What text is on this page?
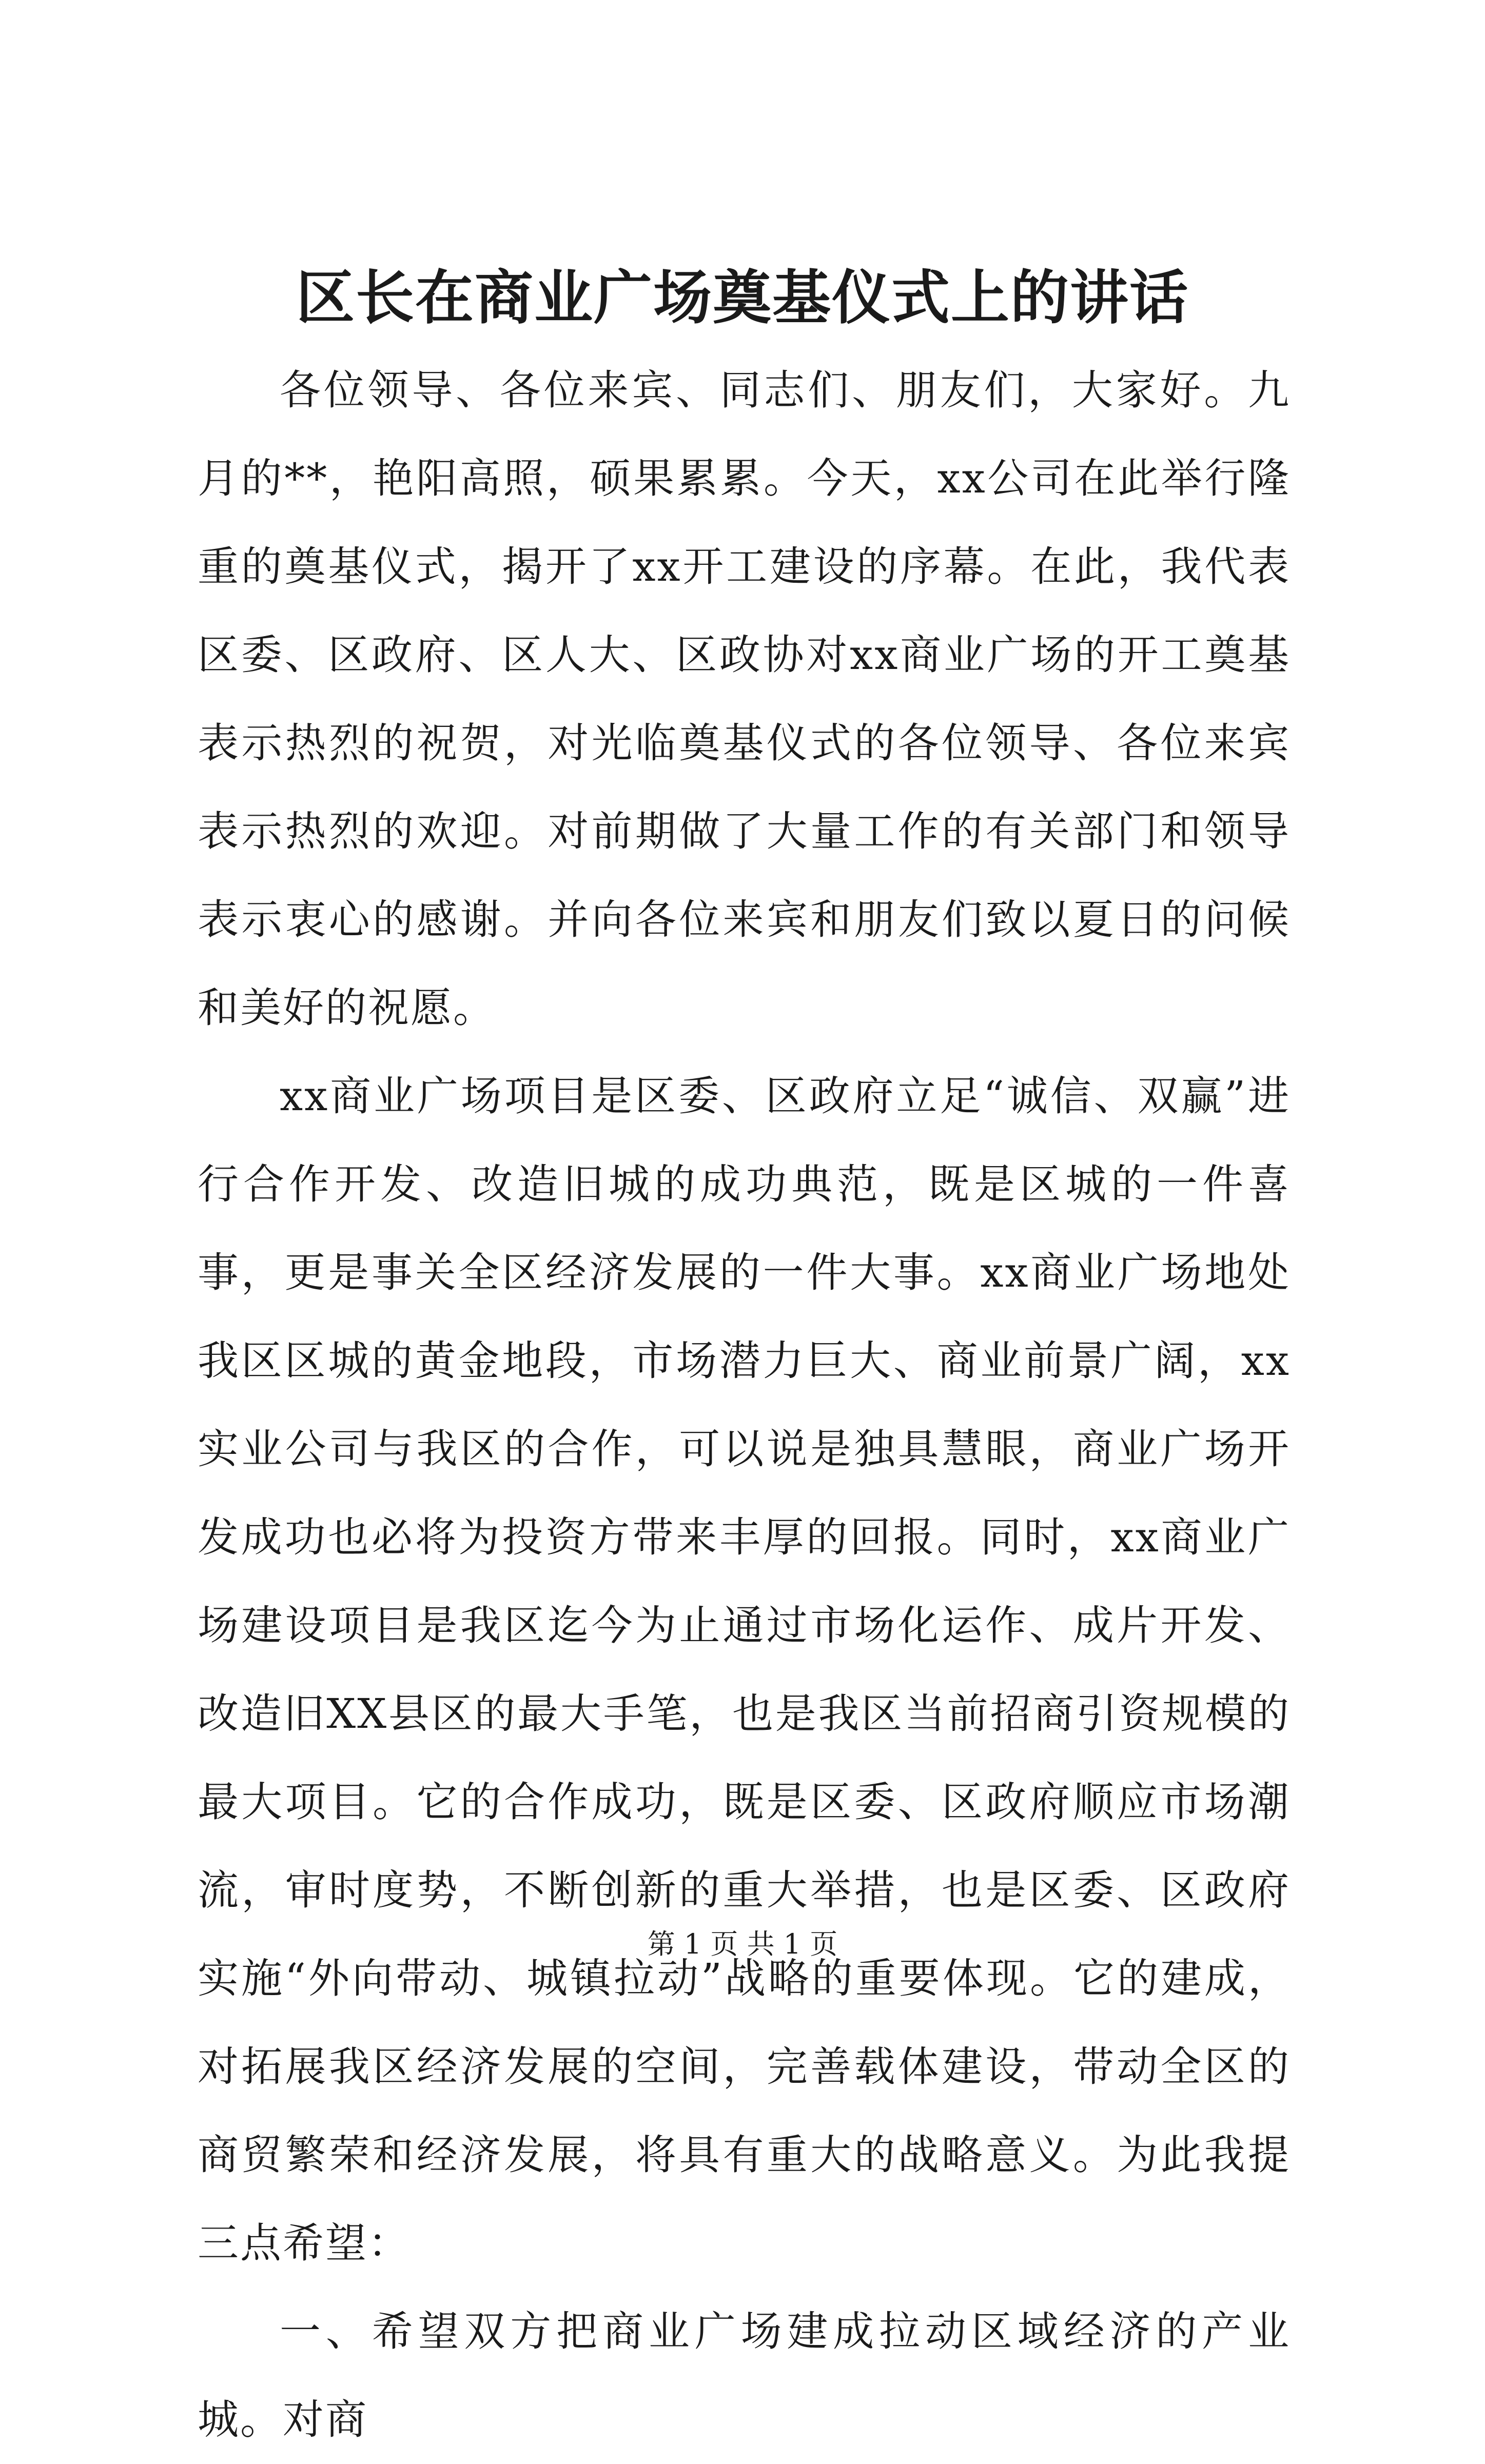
区长在商业广场奠基仪式上的讲话

各位领导、各位来宾、同志们、朋友们，大家好。九月的**，艳阳高照，硕果累累。今天，xx公司在此举行隆重的奠基仪式，揭开了xx开工建设的序幕。在此，我代表区委、区政府、区人大、区政协对xx商业广场的开工奠基表示热烈的祝贺，对光临奠基仪式的各位领导、各位来宾表示热烈的欢迎。对前期做了大量工作的有关部门和领导表示衷心的感谢。并向各位来宾和朋友们致以夏日的问候和美好的祝愿。

xx商业广场项目是区委、区政府立足“诚信、双赢”进行合作开发、改造旧城的成功典范，既是区城的一件喜事，更是事关全区经济发展的一件大事。xx商业广场地处我区区城的黄金地段，市场潜力巨大、商业前景广阔，xx实业公司与我区的合作，可以说是独具慧眼，商业广场开发成功也必将为投资方带来丰厚的回报。同时，xx商业广场建设项目是我区迄今为止通过市场化运作、成片开发、改造旧XX县区的最大手笔，也是我区当前招商引资规模的最大项目。它的合作成功，既是区委、区政府顺应市场潮流，审时度势，不断创新的重大举措，也是区委、区政府实施“外向带动、城镇拉动”战略的重要体现。它的建成，对拓展我区经济发展的空间，完善载体建设，带动全区的商贸繁荣和经济发展，将具有重大的战略意义。为此我提三点希望：

一、希望双方把商业广场建成拉动区域经济的产业城。对商

第 1 页 共 1 页
